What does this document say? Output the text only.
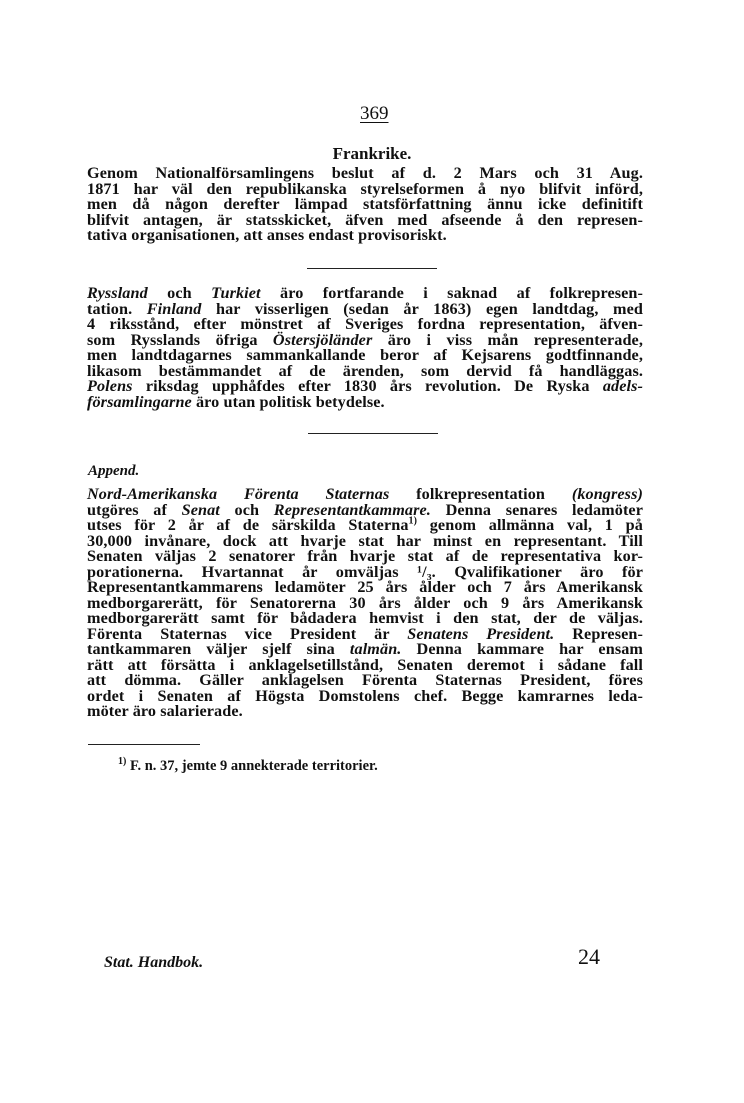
369
Frankrike.
Genom Nationalförsamlingens beslut af d. 2 Mars och 31 Aug.
1871 har väl den republikanska styrelseformen å nyo blifvit införd,
men då någon derefter lämpad statsförfattning ännu icke definitift
blifvit antagen, är statsskicket, äfven med afseende å den represen-
tativa organisationen, att anses endast provisoriskt.
Ryssland och Turkiet äro fortfarande i saknad af folkrepresen-
tation. Finland har visserligen (sedan år 1863) egen landtdag, med
4 riksstånd, efter mönstret af Sveriges fordna representation, äfven-
som Rysslands öfriga Östersjöländer äro i viss mån representerade,
men landtdagarnes sammankallande beror af Kejsarens godtfinnande,
likasom bestämmandet af de ärenden, som dervid få handläggas.
Polens riksdag upphåfdes efter 1830 års revolution. De Ryska adels-
församlingarne äro utan politisk betydelse.
Append.
Nord-Amerikanska Förenta Staternas folkrepresentation (kongress)
utgöres af Senat och Representantkammare. Denna senares ledamöter
utses för 2 år af de särskilda Staterna$^{1)}$ genom allmänna val, 1 på
30,000 invånare, dock att hvarje stat har minst en representant. Till
Senaten väljas 2 senatorer från hvarje stat af de representativa kor-
porationerna. Hvartannat år omväljas ¹/₃. Qvalifikationer äro för
Representantkammarens ledamöter 25 års ålder och 7 års Amerikansk
medborgarerätt, för Senatorerna 30 års ålder och 9 års Amerikansk
medborgarerätt samt för bådadera hemvist i den stat, der de väljas.
Förenta Staternas vice President är Senatens President. Represen-
tantkammaren väljer sjelf sina talmän. Denna kammare har ensam
rätt att försätta i anklagelsetillstånd, Senaten deremot i sådane fall
att dömma. Gäller anklagelsen Förenta Staternas President, föres
ordet i Senaten af Högsta Domstolens chef. Begge kamrarnes leda-
möter äro salarierade.
$^{1)}$ F. n. 37, jemte 9 annekterade territorier.
Stat. Handbok.	24
